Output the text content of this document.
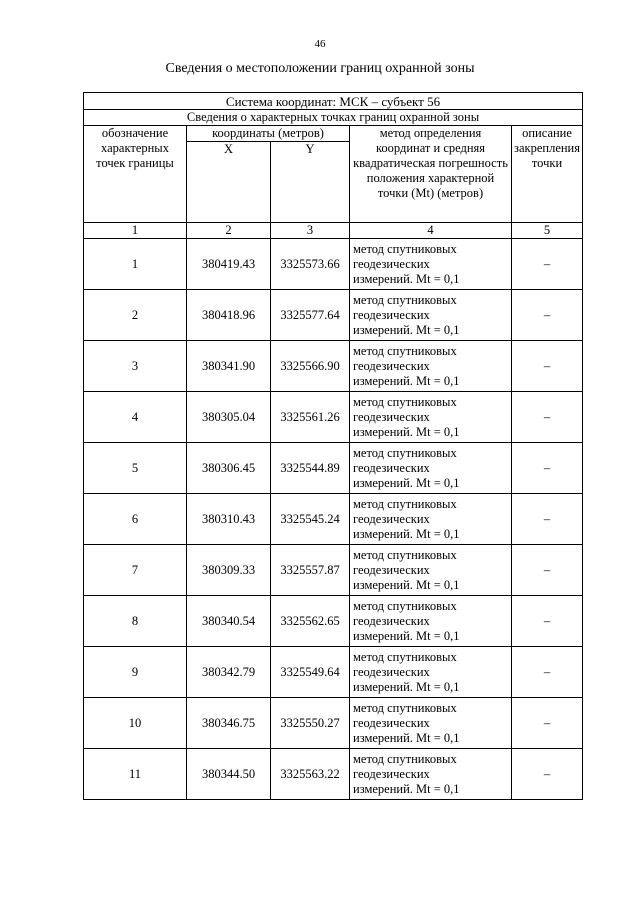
46
Сведения о местоположении границ охранной зоны
Система координат: МСК – субъект 56				
Сведения о характерных точках границ охранной зоны				
обозначение характерных точек границы	координаты (метров)		метод определения координат и средняя квадратическая погрешность положения характерной точки (Mt) (метров)	описание закрепления точки
	X	Y		
1	2	3	4	5
1	380419.43	3325573.66	метод спутниковых
геодезических
измерений. Mt = 0,1	–
2	380418.96	3325577.64	метод спутниковых
геодезических
измерений. Mt = 0,1	–
3	380341.90	3325566.90	метод спутниковых
геодезических
измерений. Mt = 0,1	–
4	380305.04	3325561.26	метод спутниковых
геодезических
измерений. Mt = 0,1	–
5	380306.45	3325544.89	метод спутниковых
геодезических
измерений. Mt = 0,1	–
6	380310.43	3325545.24	метод спутниковых
геодезических
измерений. Mt = 0,1	–
7	380309.33	3325557.87	метод спутниковых
геодезических
измерений. Mt = 0,1	–
8	380340.54	3325562.65	метод спутниковых
геодезических
измерений. Mt = 0,1	–
9	380342.79	3325549.64	метод спутниковых
геодезических
измерений. Mt = 0,1	–
10	380346.75	3325550.27	метод спутниковых
геодезических
измерений. Mt = 0,1	–
11	380344.50	3325563.22	метод спутниковых
геодезических
измерений. Mt = 0,1	–
